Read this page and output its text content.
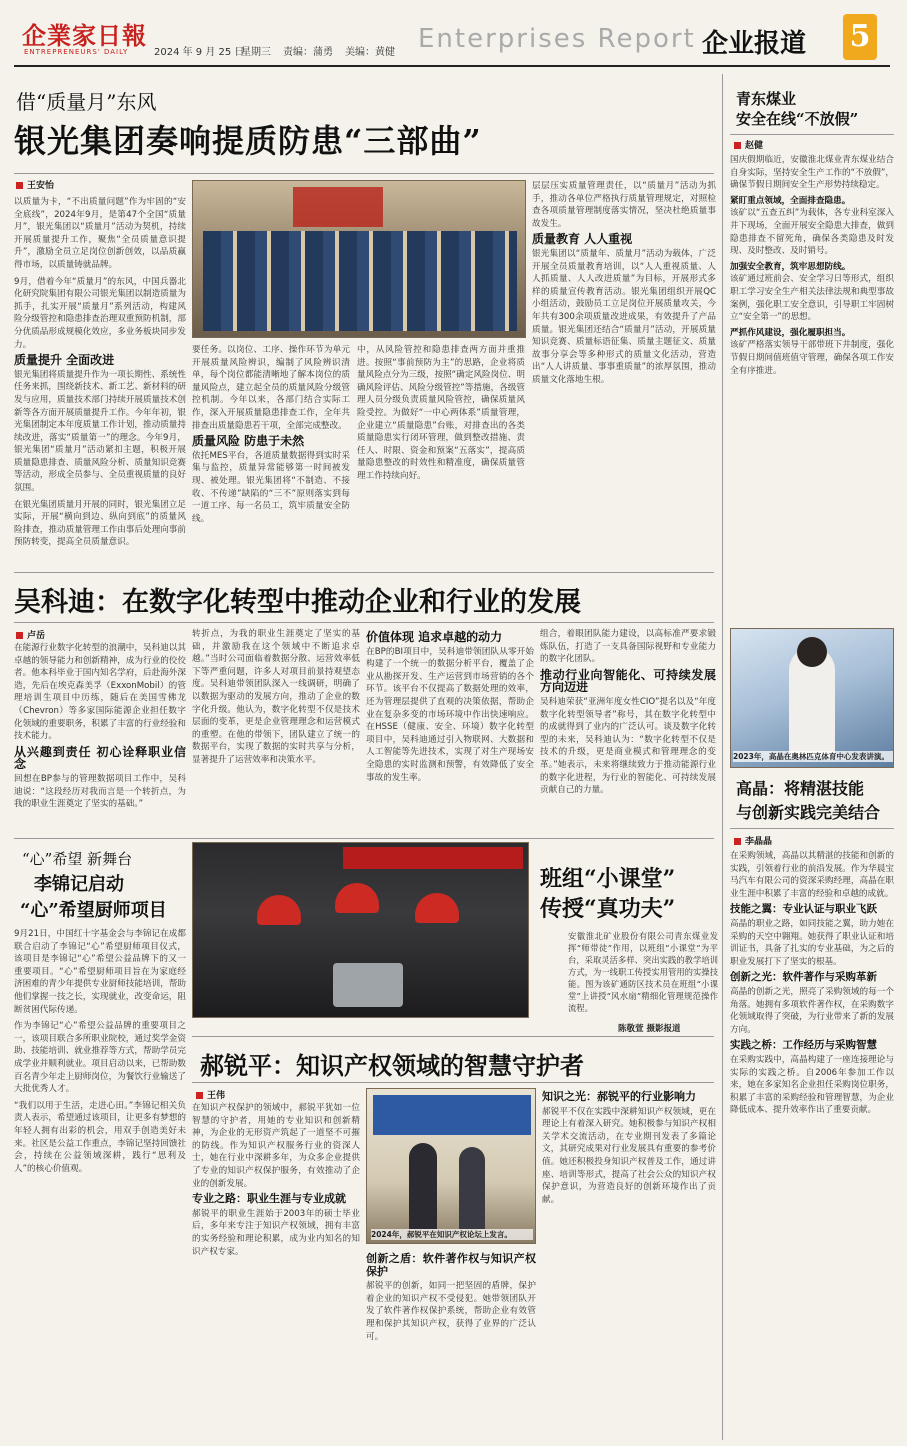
企業家日報
ENTREPRENEURS' DAILY	2024 年 9 月 25 日
星期三 责编：蒲勇 美编：黄健 Enterprises Report 企业报道 5
借“质量月”东风
银光集团奏响提质防患“三部曲”
王安怡

以质量为卡，“不出质量问题”作为牢固的“安全底线”，2024年9月，是第47个全国“质量月”，银光集团以“质量月”活动为契机，持续开展质量提升工作，聚焦“全员质量意识提升”，激励全员立足岗位创新创效，以品质赢得市场，以质量铸就品牌。

9月，借着今年“质量月”的东风，中国兵器北化研究院集团有限公司银光集团以制造质量为抓手，扎实开展“质量月”系列活动，构建风险分级管控和隐患排查治理双重预防机制，部分优质品形成规模化效应，多业务板块同步发力。

质量提升 全面改进

银光集团将质量提升作为一项长期性、系统性任务来抓，围绕新技术、新工艺、新材料的研发与应用，质量技术部门持续开展质量技术创新等各方面开展质量提升工作。今年年初，银光集团制定本年度质量工作计划，推动质量持续改进，落实“质量第一”的理念。今年9月，银光集团“质量月”活动紧扣主题，积极开展质量隐患排查、质量风险分析、质量知识竞赛等活动，形成全员参与、全员重视质量的良好氛围。

在银光集团质量月开展的同时，银光集团立足实际，开展“横向到边、纵向到底”的质量风险排查，推动质量管理工作由事后处理向事前预防转变，提高全员质量意识。

要任务。以岗位、工序、操作环节为单元开展质量风险辨识，编制了风险辨识清单，每个岗位都能清晰地了解本岗位的质量风险点，建立起全员的质量风险分级管控机制。今年以来，各部门结合实际工作，深入开展质量隐患排查工作，全年共排查出质量隐患若干项，全部完成整改。

质量风险 防患于未然

依托MES平台，各道质量数据得到实时采集与监控，质量异常能够第一时间被发现、被处理。银光集团将“不制造、不接收、不传递”缺陷的“三不”原则落实到每一道工序、每一名员工，筑牢质量安全防线。

中，从风险管控和隐患排查两方面并重推进。按照“事前预防为主”的思路，企业将质量风险点分为三级，按照“确定风险岗位、明确风险评估、风险分级管控”等措施，各级管理人员分级负责质量风险管控，确保质量风险受控。为做好“一中心两体系”质量管理，企业建立“质量隐患”台账，对排查出的各类质量隐患实行闭环管理，做到整改措施、责任人、时限、资金和预案“五落实”，提高质量隐患整改的时效性和精准度，确保质量管理工作持续向好。

层层压实质量管理责任，以“质量月”活动为抓手，推动各单位严格执行质量管理规定，对照检查各项质量管理制度落实情况，坚决杜绝质量事故发生。

质量教育 人人重视

银光集团以“质量年、质量月”活动为载体，广泛开展全员质量教育培训，以“人人重视质量、人人抓质量、人人改进质量”为目标，开展形式多样的质量宣传教育活动。银光集团组织开展QC小组活动，鼓励员工立足岗位开展质量攻关，今年共有300余项质量改进成果，有效提升了产品质量。银光集团还结合“质量月”活动，开展质量知识竞赛、质量标语征集、质量主题征文、质量故事分享会等多种形式的质量文化活动，营造出“人人讲质量、事事重质量”的浓厚氛围，推动质量文化落地生根。

吴科迪：在数字化转型中推动企业和行业的发展
卢岳

在能源行业数字化转型的浪潮中，吴科迪以其卓越的领导能力和创新精神，成为行业的佼佼者。他本科毕业于国内知名学府，后赴海外深造，先后在埃克森美孚（ExxonMobil）的管理培训生项目中历练，随后在美国雪佛龙（Chevron）等多家国际能源企业担任数字化领域的重要职务，积累了丰富的行业经验和技术能力。

从兴趣到责任 初心诠释职业信念

回想在BP参与的管理数据项目工作中，吴科迪说：“这段经历对我而言是一个转折点，为我的职业生涯奠定了坚实的基础。”

转折点，为我的职业生涯奠定了坚实的基础，并激励我在这个领域中不断追求卓越。”当时公司面临着数据分散、运营效率低下等严重问题，许多人对项目前景持观望态度。吴科迪带领团队深入一线调研，明确了以数据为驱动的发展方向，推动了企业的数字化升级。他认为，数字化转型不仅是技术层面的变革，更是企业管理理念和运营模式的重塑。在他的带领下，团队建立了统一的数据平台，实现了数据的实时共享与分析，显著提升了运营效率和决策水平。

价值体现 追求卓越的动力

在BP的BI项目中，吴科迪带领团队从零开始构建了一个统一的数据分析平台，覆盖了企业从勘探开发、生产运营到市场营销的各个环节。该平台不仅提高了数据处理的效率，还为管理层提供了直观的决策依据，帮助企业在复杂多变的市场环境中作出快速响应。在HSSE（健康、安全、环境）数字化转型项目中，吴科迪通过引入物联网、大数据和人工智能等先进技术，实现了对生产现场安全隐患的实时监测和预警，有效降低了安全事故的发生率。

组合，着眼团队能力建设，以高标准严要求锻炼队伍，打造了一支具备国际视野和专业能力的数字化团队。

推动行业向智能化、可持续发展方向迈进

吴科迪荣获“亚洲年度女性CIO”提名以及“年度数字化转型领导者”称号，其在数字化转型中的成就得到了业内的广泛认可。谈及数字化转型的未来，吴科迪认为：“数字化转型不仅是技术的升级，更是商业模式和管理理念的变革。”她表示，未来将继续致力于推动能源行业的数字化进程，为行业的智能化、可持续发展贡献自己的力量。

“心”希望 新舞台
李锦记启动
“心”希望厨师项目

9月21日，中国红十字基金会与李锦记在成都联合启动了李锦记“心”希望厨师项目仪式，该项目是李锦记“心”希望公益品牌下的又一重要项目。“心”希望厨师项目旨在为家庭经济困难的青少年提供专业厨师技能培训，帮助他们掌握一技之长，实现就业，改变命运，阻断贫困代际传递。

作为李锦记“心”希望公益品牌的重要项目之一，该项目联合多所职业院校，通过奖学金资助、技能培训、就业推荐等方式，帮助学员完成学业并顺利就业。项目启动以来，已帮助数百名青少年走上厨师岗位，为餐饮行业输送了大批优秀人才。

“我们以用于生活，走进心田。”李锦记相关负责人表示，希望通过该项目，让更多有梦想的年轻人拥有出彩的机会，用双手创造美好未来。社区是公益工作重点，李锦记坚持回馈社会，持续在公益领域深耕，践行“思利及人”的核心价值观。

班组“小课堂”
传授“真功夫”
安徽淮北矿业股份有限公司青东煤业发挥“师带徒”作用，以班组“小课堂”为平台，采取灵活多样、突出实践的教学培训方式，为一线职工传授实用管用的实操技能。图为该矿通防区技术员在班组“小课堂”上讲授“风水扇”精细化管理规范操作流程。
陈敬萱 摄影报道
郝锐平：知识产权领域的智慧守护者
王伟

在知识产权保护的领域中，郝锐平犹如一位智慧的守护者，用她的专业知识和创新精神，为企业的无形资产筑起了一道坚不可摧的防线。作为知识产权服务行业的资深人士，她在行业中深耕多年，为众多企业提供了专业的知识产权保护服务，有效推动了企业的创新发展。

专业之路：职业生涯与专业成就

郝锐平的职业生涯始于2003年的硕士毕业后，多年来专注于知识产权领域，拥有丰富的实务经验和理论积累，成为业内知名的知识产权专家。

2024年，郝锐平在知识产权论坛上发言。
创新之盾：软件著作权与知识产权保护

郝锐平的创新，如同一把坚固的盾牌，保护着企业的知识产权不受侵犯。她带领团队开发了软件著作权保护系统，帮助企业有效管理和保护其知识产权，获得了业界的广泛认可。

知识之光：郝锐平的行业影响力

郝锐平不仅在实践中深耕知识产权领域，更在理论上有着深入研究。她积极参与知识产权相关学术交流活动，在专业期刊发表了多篇论文，其研究成果对行业发展具有重要的参考价值。她还积极投身知识产权普及工作，通过讲座、培训等形式，提高了社会公众的知识产权保护意识，为营造良好的创新环境作出了贡献。

青东煤业
安全在线“不放假”
赵健

国庆假期临近，安徽淮北煤业青东煤业结合自身实际，坚持安全生产工作的“不放假”，确保节假日期间安全生产形势持续稳定。

紧盯重点领域，全面排查隐患。

该矿以“五查五纠”为载体，各专业科室深入井下现场，全面开展安全隐患大排查，做到隐患排查不留死角，确保各类隐患及时发现、及时整改、及时销号。

加强安全教育，筑牢思想防线。

该矿通过班前会、安全学习日等形式，组织职工学习安全生产相关法律法规和典型事故案例，强化职工安全意识，引导职工牢固树立“安全第一”的思想。

严抓作风建设，强化履职担当。

该矿严格落实领导干部带班下井制度，强化节假日期间值班值守管理，确保各项工作安全有序推进。

2023年，高晶在奥林匹克体育中心发表讲演。
高晶：将精湛技能
与创新实践完美结合
李晶晶

在采购领域，高晶以其精湛的技能和创新的实践，引领着行业的前沿发展。作为华晨宝马汽车有限公司的资深采购经理，高晶在职业生涯中积累了丰富的经验和卓越的成就。

技能之翼：专业认证与职业飞跃

高晶的职业之路，如同技能之翼，助力她在采购的天空中翱翔。她获得了职业认证和培训证书，具备了扎实的专业基础，为之后的职业发展打下了坚实的根基。

创新之光：软件著作与采购革新

高晶的创新之光，照亮了采购领域的每一个角落。她拥有多项软件著作权，在采购数字化领域取得了突破，为行业带来了新的发展方向。

实践之桥：工作经历与采购智慧

在采购实践中，高晶构建了一座连接理论与实际的实践之桥。自2006年参加工作以来，她在多家知名企业担任采购岗位职务，积累了丰富的采购经验和管理智慧，为企业降低成本、提升效率作出了重要贡献。
